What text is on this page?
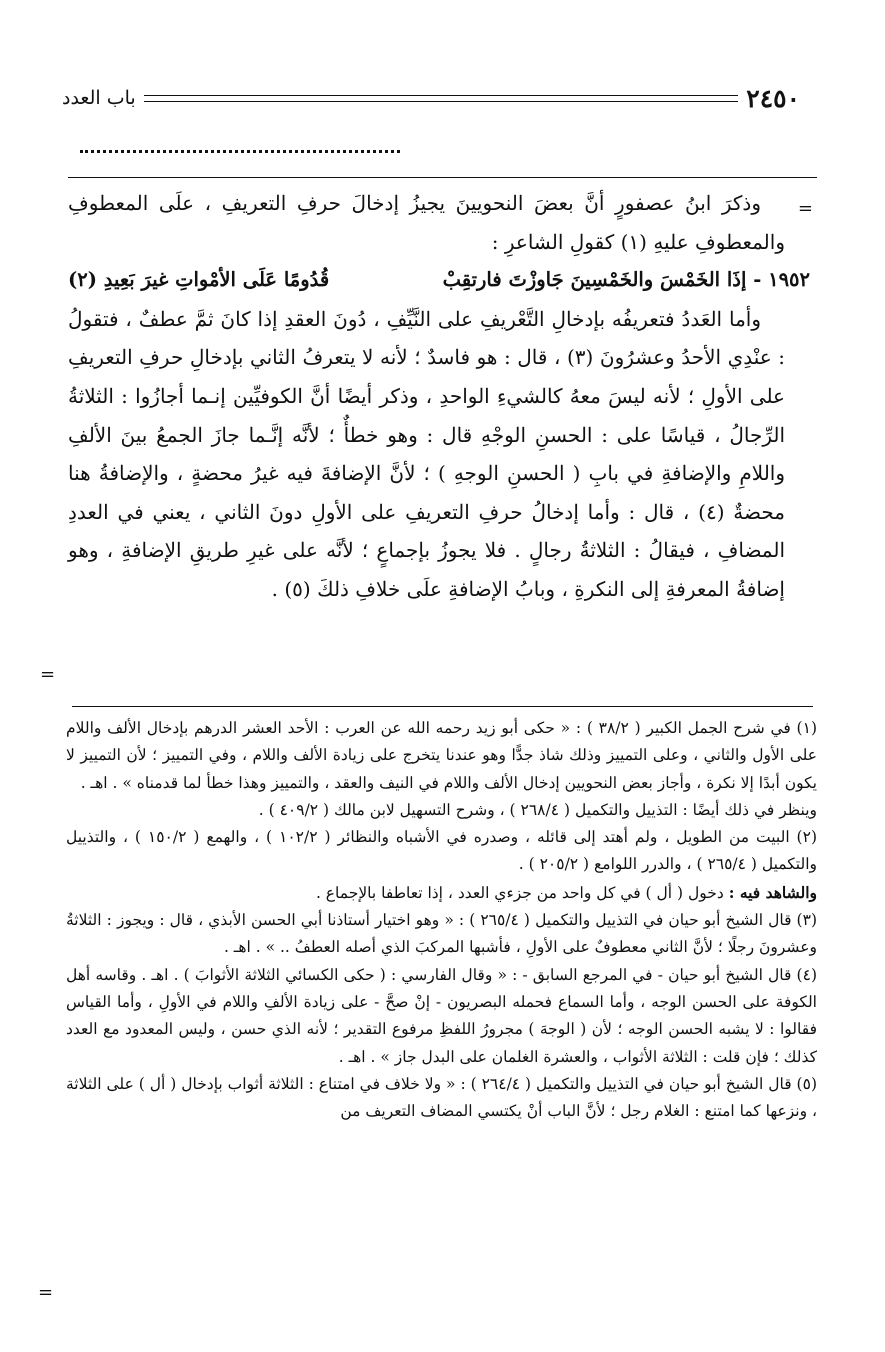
٢٤٥٠
باب العدد
=
=
=

وذكرَ ابنُ عصفورٍ أنَّ بعضَ النحويينَ يجيزُ إدخالَ حرفِ التعريفِ ، علَى المعطوفِ والمعطوفِ عليهِ (١) كقولِ الشاعرِ :

١٩٥٢ - إذَا الخَمْسَ والخَمْسِينَ جَاوزْتَ فارتقِبْ
قُدُومًا عَلَى الأمْواتِ غيرَ بَعِيدِ (٢)

وأما العَددُ فتعريفُه بإدخالِ التَّعْريفِ على النَّيِّفِ ، دُونَ العقدِ إذا كانَ ثمَّ عطفٌ ، فتقولُ : عنْدِي الأحدُ وعشرُونَ (٣) ، قال : هو فاسدٌ ؛ لأنه لا يتعرفُ الثاني بإدخالِ حرفِ التعريفِ على الأولِ ؛ لأنه ليسَ معهُ كالشيءِ الواحدِ ، وذكر أيضًا أنَّ الكوفيِّين إنـما أجازُوا : الثلاثةُ الرِّجالُ ، قياسًا على : الحسنِ الوجْهِ قال : وهو خطأٌ ؛ لأنَّه إنَّـما جازَ الجمعُ بينَ الألفِ واللامِ والإضافةِ في بابِ ( الحسنِ الوجهِ ) ؛ لأنَّ الإضافةَ فيه غيرُ محضةٍ ، والإضافةُ هنا محضةٌ (٤) ، قال : وأما إدخالُ حرفِ التعريفِ على الأولِ دونَ الثاني ، يعني في العددِ المضافِ ، فيقالُ : الثلاثةُ رجالٍ . فلا يجوزُ بإجماعٍ ؛ لأنَّه على غيرِ طريقِ الإضافةِ ، وهو إضافةُ المعرفةِ إلى النكرةِ ، وبابُ الإضافةِ علَى خلافِ ذلكَ (٥) .

(١) في شرح الجمل الكبير ( ٣٨/٢ ) : « حكى أبو زيد رحمه الله عن العرب : الأحد العشر الدرهم بإدخال الألف واللام على الأول والثاني ، وعلى التمييز وذلك شاذ جدًّا وهو عندنا يتخرج على زيادة الألف واللام ، وفي التمييز ؛ لأن التمييز لا يكون أبدًا إلا نكرة ، وأجاز بعض النحويين إدخال الألف واللام في النيف والعقد ، والتمييز وهذا خطأ لما قدمناه » . اهـ .

وينظر في ذلك أيضًا : التذييل والتكميل ( ٢٦٨/٤ ) ، وشرح التسهيل لابن مالك ( ٤٠٩/٢ ) .

(٢) البيت من الطويل ، ولم أهتد إلى قائله ، وصدره في الأشباه والنظائر ( ١٠٢/٢ ) ، والهمع ( ١٥٠/٢ ) ، والتذييل والتكميل ( ٢٦٥/٤ ) ، والدرر اللوامع ( ٢٠٥/٢ ) .

والشاهد فيه : دخول ( أل ) في كل واحد من جزءي العدد ، إذا تعاطفا بالإجماع .

(٣) قال الشيخ أبو حيان في التذييل والتكميل ( ٢٦٥/٤ ) : « وهو اختيار أستاذنا أبي الحسن الأبذي ، قال : ويجوز : الثلاثةُ وعشرونَ رجلًا ؛ لأنَّ الثاني معطوفٌ على الأولِ ، فأشبها المركبَ الذي أصله العطفُ .. » . اهـ .

(٤) قال الشيخ أبو حيان - في المرجع السابق - : « وقال الفارسي : ( حكى الكسائي الثلاثة الأثوابَ ) . اهـ . وقاسه أهل الكوفة على الحسن الوجه ، وأما السماع فحمله البصريون - إنْ صحَّ - على زيادة الألفِ واللام في الأولِ ، وأما القياس فقالوا : لا يشبه الحسن الوجه ؛ لأن ( الوجهَ ) مجرورُ اللفظِ مرفوع التقدير ؛ لأنه الذي حسن ، وليس المعدود مع العدد كذلك ؛ فإن قلت : الثلاثة الأثواب ، والعشرة الغلمان على البدل جاز » . اهـ .

(٥) قال الشيخ أبو حيان في التذييل والتكميل ( ٢٦٤/٤ ) : « ولا خلاف في امتناع : الثلاثة أثواب بإدخال ( أل ) على الثلاثة ، ونزعها كما امتنع : الغلام رجل ؛ لأنَّ الباب أنْ يكتسي المضاف التعريف من
